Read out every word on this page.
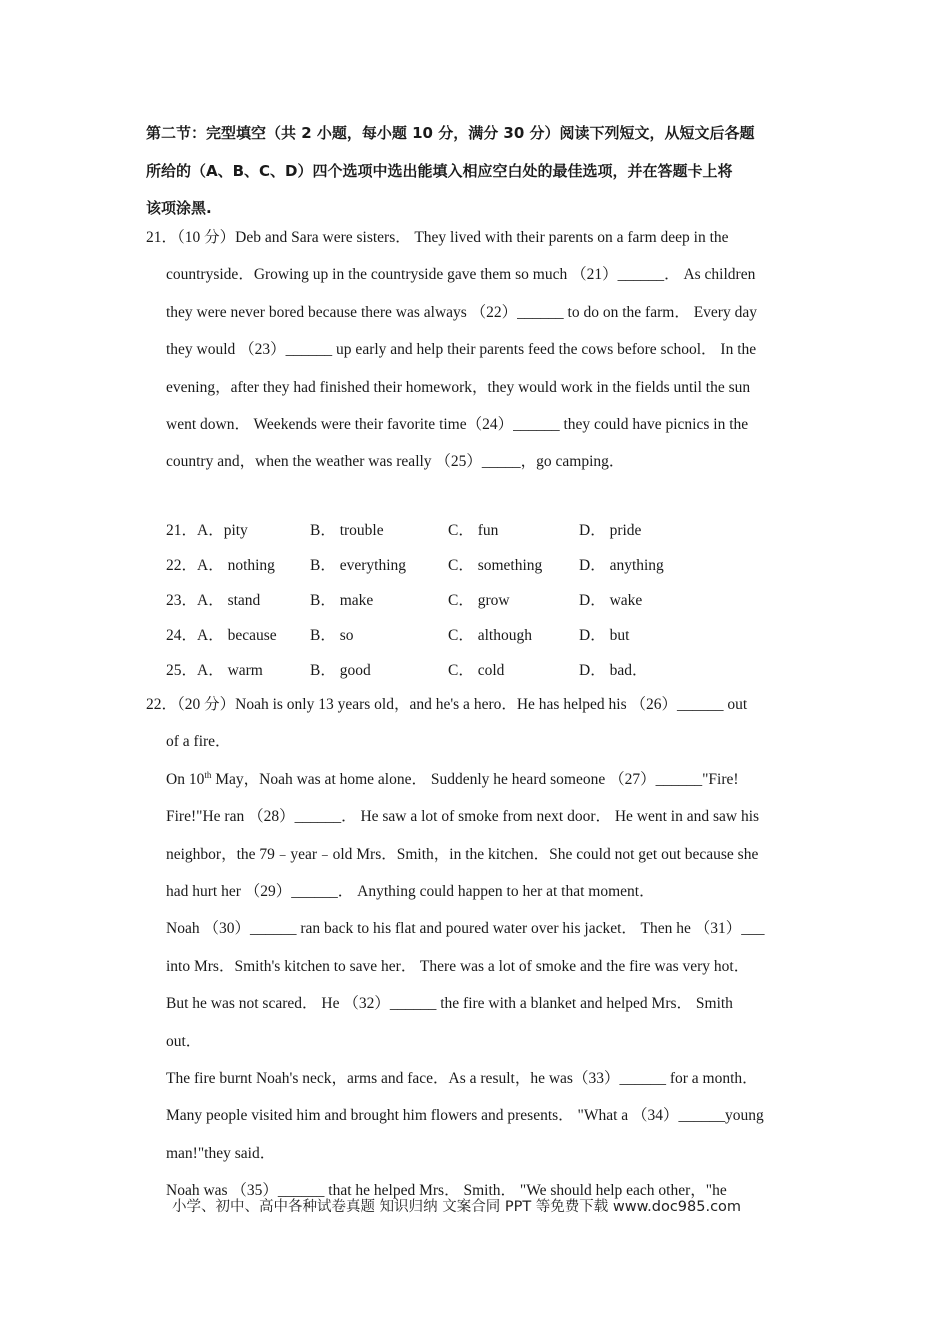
第二节：完型填空（共 2 小题，每小题 10 分，满分 30 分）阅读下列短文，从短文后各题
所给的（A、B、C、D）四个选项中选出能填入相应空白处的最佳选项，并在答题卡上将
该项涂黑.
21．（10 分）Deb and Sara were sisters． They lived with their parents on a farm deep in the
countryside．Growing up in the countryside gave them so much （21）______． As children
they were never bored because there was always （22）______ to do on the farm． Every day
they would （23）______ up early and help their parents feed the cows before school． In the
evening，after they had finished their homework，they would work in the fields until the sun
went down． Weekends were their favorite time（24）______ they could have picnics in the
country and，when the weather was really （25）_____，go camping．
21．A．pity	B． trouble	C． fun	D． pride
22．A． nothing B． everything	C． something D． anything
23．A． stand	B． make	C． grow	D． wake
24．A． because B． so	C． although	D． but
25．A． warm	B． good	C． cold	D． bad．
22．（20 分）Noah is only 13 years old，and he's a hero．He has helped his （26）______ out
of a fire．
On 10th May，Noah was at home alone． Suddenly he heard someone （27）______"Fire!
Fire!"He ran （28）______． He saw a lot of smoke from next door． He went in and saw his
neighbor，the 79﹣year﹣old Mrs．Smith，in the kitchen．She could not get out because she
had hurt her （29）______． Anything could happen to her at that moment．
Noah （30）______ ran back to his flat and poured water over his jacket． Then he （31）___
into Mrs．Smith's kitchen to save her． There was a lot of smoke and the fire was very hot．
But he was not scared． He （32）______ the fire with a blanket and helped Mrs． Smith
out．
The fire burnt Noah's neck，arms and face．As a result，he was（33）______ for a month．
Many people visited him and brought him flowers and presents． "What a （34）______young
man!"they said．
Noah was （35）______ that he helped Mrs． Smith． "We should help each other，"he
小学、初中、高中各种试卷真题 知识归纳 文案合同 PPT 等免费下载 www.doc985.com
